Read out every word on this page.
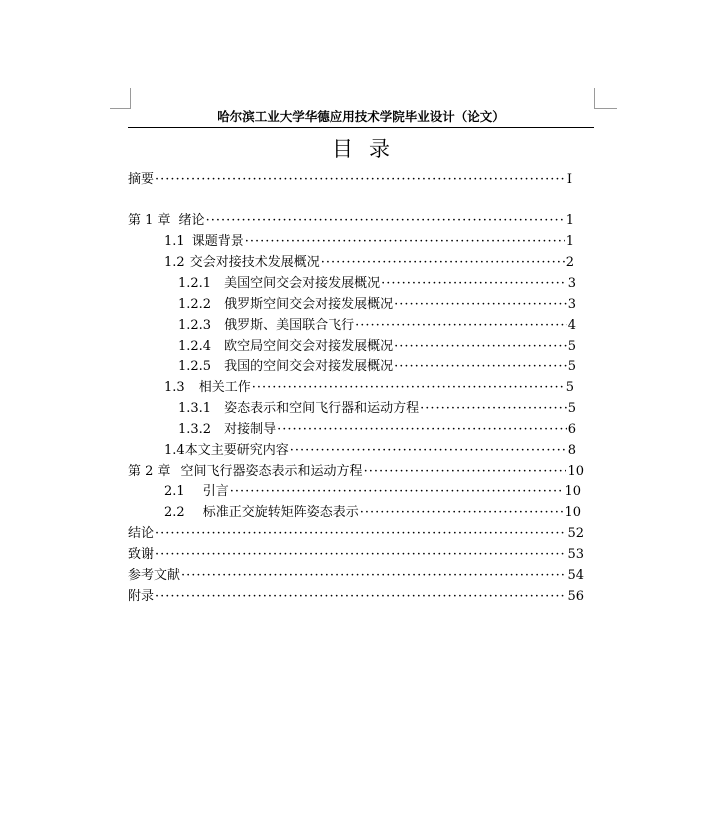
哈尔滨工业大学华德应用技术学院毕业设计（论文）
目录
摘要 ·····	I
第 1 章 绪论 ·····	1
1.1 课题背景 ·····	1
1.2 交会对接技术发展概况 ·····	2
1.2.1 美国空间交会对接发展概况 ·····	3
1.2.2 俄罗斯空间交会对接发展概况 ·····	3
1.2.3 俄罗斯、美国联合飞行 ·····	4
1.2.4 欧空局空间交会对接发展概况 ·····	5
1.2.5 我国的空间交会对接发展概况 ·····	5
1.3 相关工作 ·····	5
1.3.1 姿态表示和空间飞行器和运动方程 ·····	5
1.3.2 对接制导 ·····	6
1.4 本文主要研究内容 ·····	8
第 2 章 空间飞行器姿态表示和运动方程 ·····	10
2.1 引言 ·····	10
2.2 标准正交旋转矩阵姿态表示 ·····	10
结论 ·····	52
致谢 ·····	53
参考文献 ·····	54
附录 ·····	56
